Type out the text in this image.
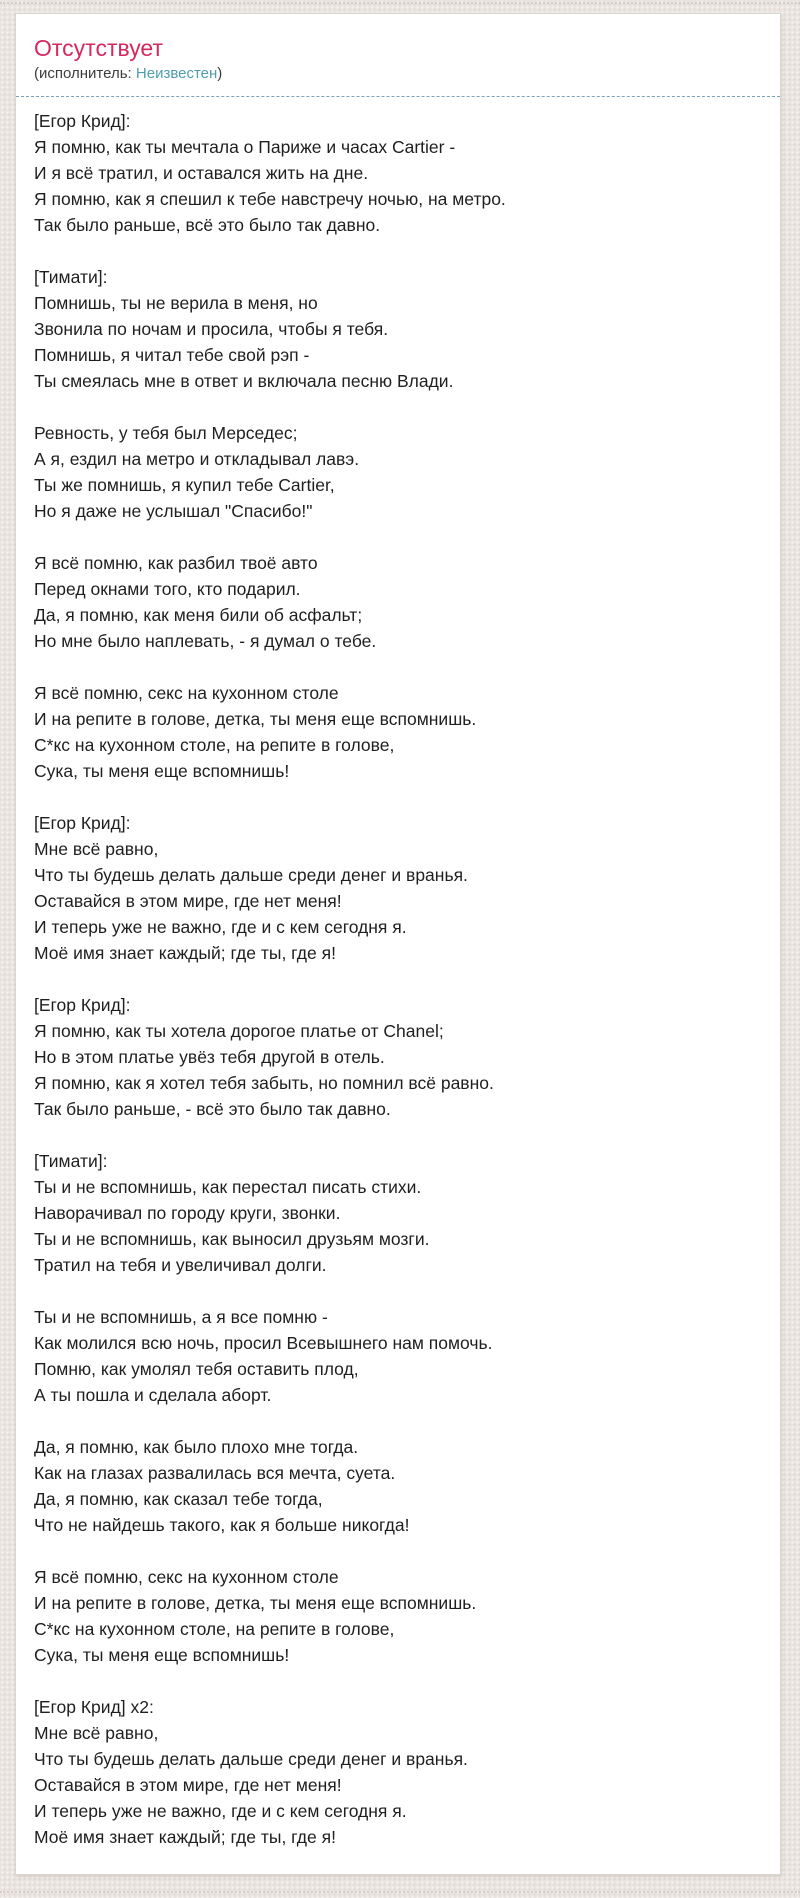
Отсутствует
(исполнитель: Неизвестен)

[Егор Крид]:
Я помню, как ты мечтала о Париже и часах Cartier -
И я всё тратил, и оставался жить на дне.
Я помню, как я спешил к тебе навстречу ночью, на метро.
Так было раньше, всё это было так давно.

[Тимати]:
Помнишь, ты не верила в меня, но
Звонила по ночам и просила, чтобы я тебя.
Помнишь, я читал тебе свой рэп -
Ты смеялась мне в ответ и включала песню Влади.

Ревность, у тебя был Мерседес;
А я, ездил на метро и откладывал лавэ.
Ты же помнишь, я купил тебе Cartier,
Но я даже не услышал "Спасибо!"

Я всё помню, как разбил твоё авто
Перед окнами того, кто подарил.
Да, я помню, как меня били об асфальт;
Но мне было наплевать, - я думал о тебе.

Я всё помню, секс на кухонном столе
И на репите в голове, детка, ты меня еще вспомнишь.
С*кс на кухонном столе, на репите в голове,
Сука, ты меня еще вспомнишь!

[Егор Крид]:
Мне всё равно,
Что ты будешь делать дальше среди денег и вранья.
Оставайся в этом мире, где нет меня!
И теперь уже не важно, где и с кем сегодня я.
Моё имя знает каждый; где ты, где я!

[Егор Крид]:
Я помню, как ты хотела дорогое платье от Chanel;
Но в этом платье увёз тебя другой в отель.
Я помню, как я хотел тебя забыть, но помнил всё равно.
Так было раньше, - всё это было так давно.

[Тимати]:
Ты и не вспомнишь, как перестал писать стихи.
Наворачивал по городу круги, звонки.
Ты и не вспомнишь, как выносил друзьям мозги.
Тратил на тебя и увеличивал долги.

Ты и не вспомнишь, а я все помню -
Как молился всю ночь, просил Всевышнего нам помочь.
Помню, как умолял тебя оставить плод,
А ты пошла и сделала аборт.

Да, я помню, как было плохо мне тогда.
Как на глазах развалилась вся мечта, суета.
Да, я помню, как сказал тебе тогда,
Что не найдешь такого, как я больше никогда!

Я всё помню, секс на кухонном столе
И на репите в голове, детка, ты меня еще вспомнишь.
С*кс на кухонном столе, на репите в голове,
Сука, ты меня еще вспомнишь!

[Егор Крид] x2:
Мне всё равно,
Что ты будешь делать дальше среди денег и вранья.
Оставайся в этом мире, где нет меня!
И теперь уже не важно, где и с кем сегодня я.
Моё имя знает каждый; где ты, где я!
